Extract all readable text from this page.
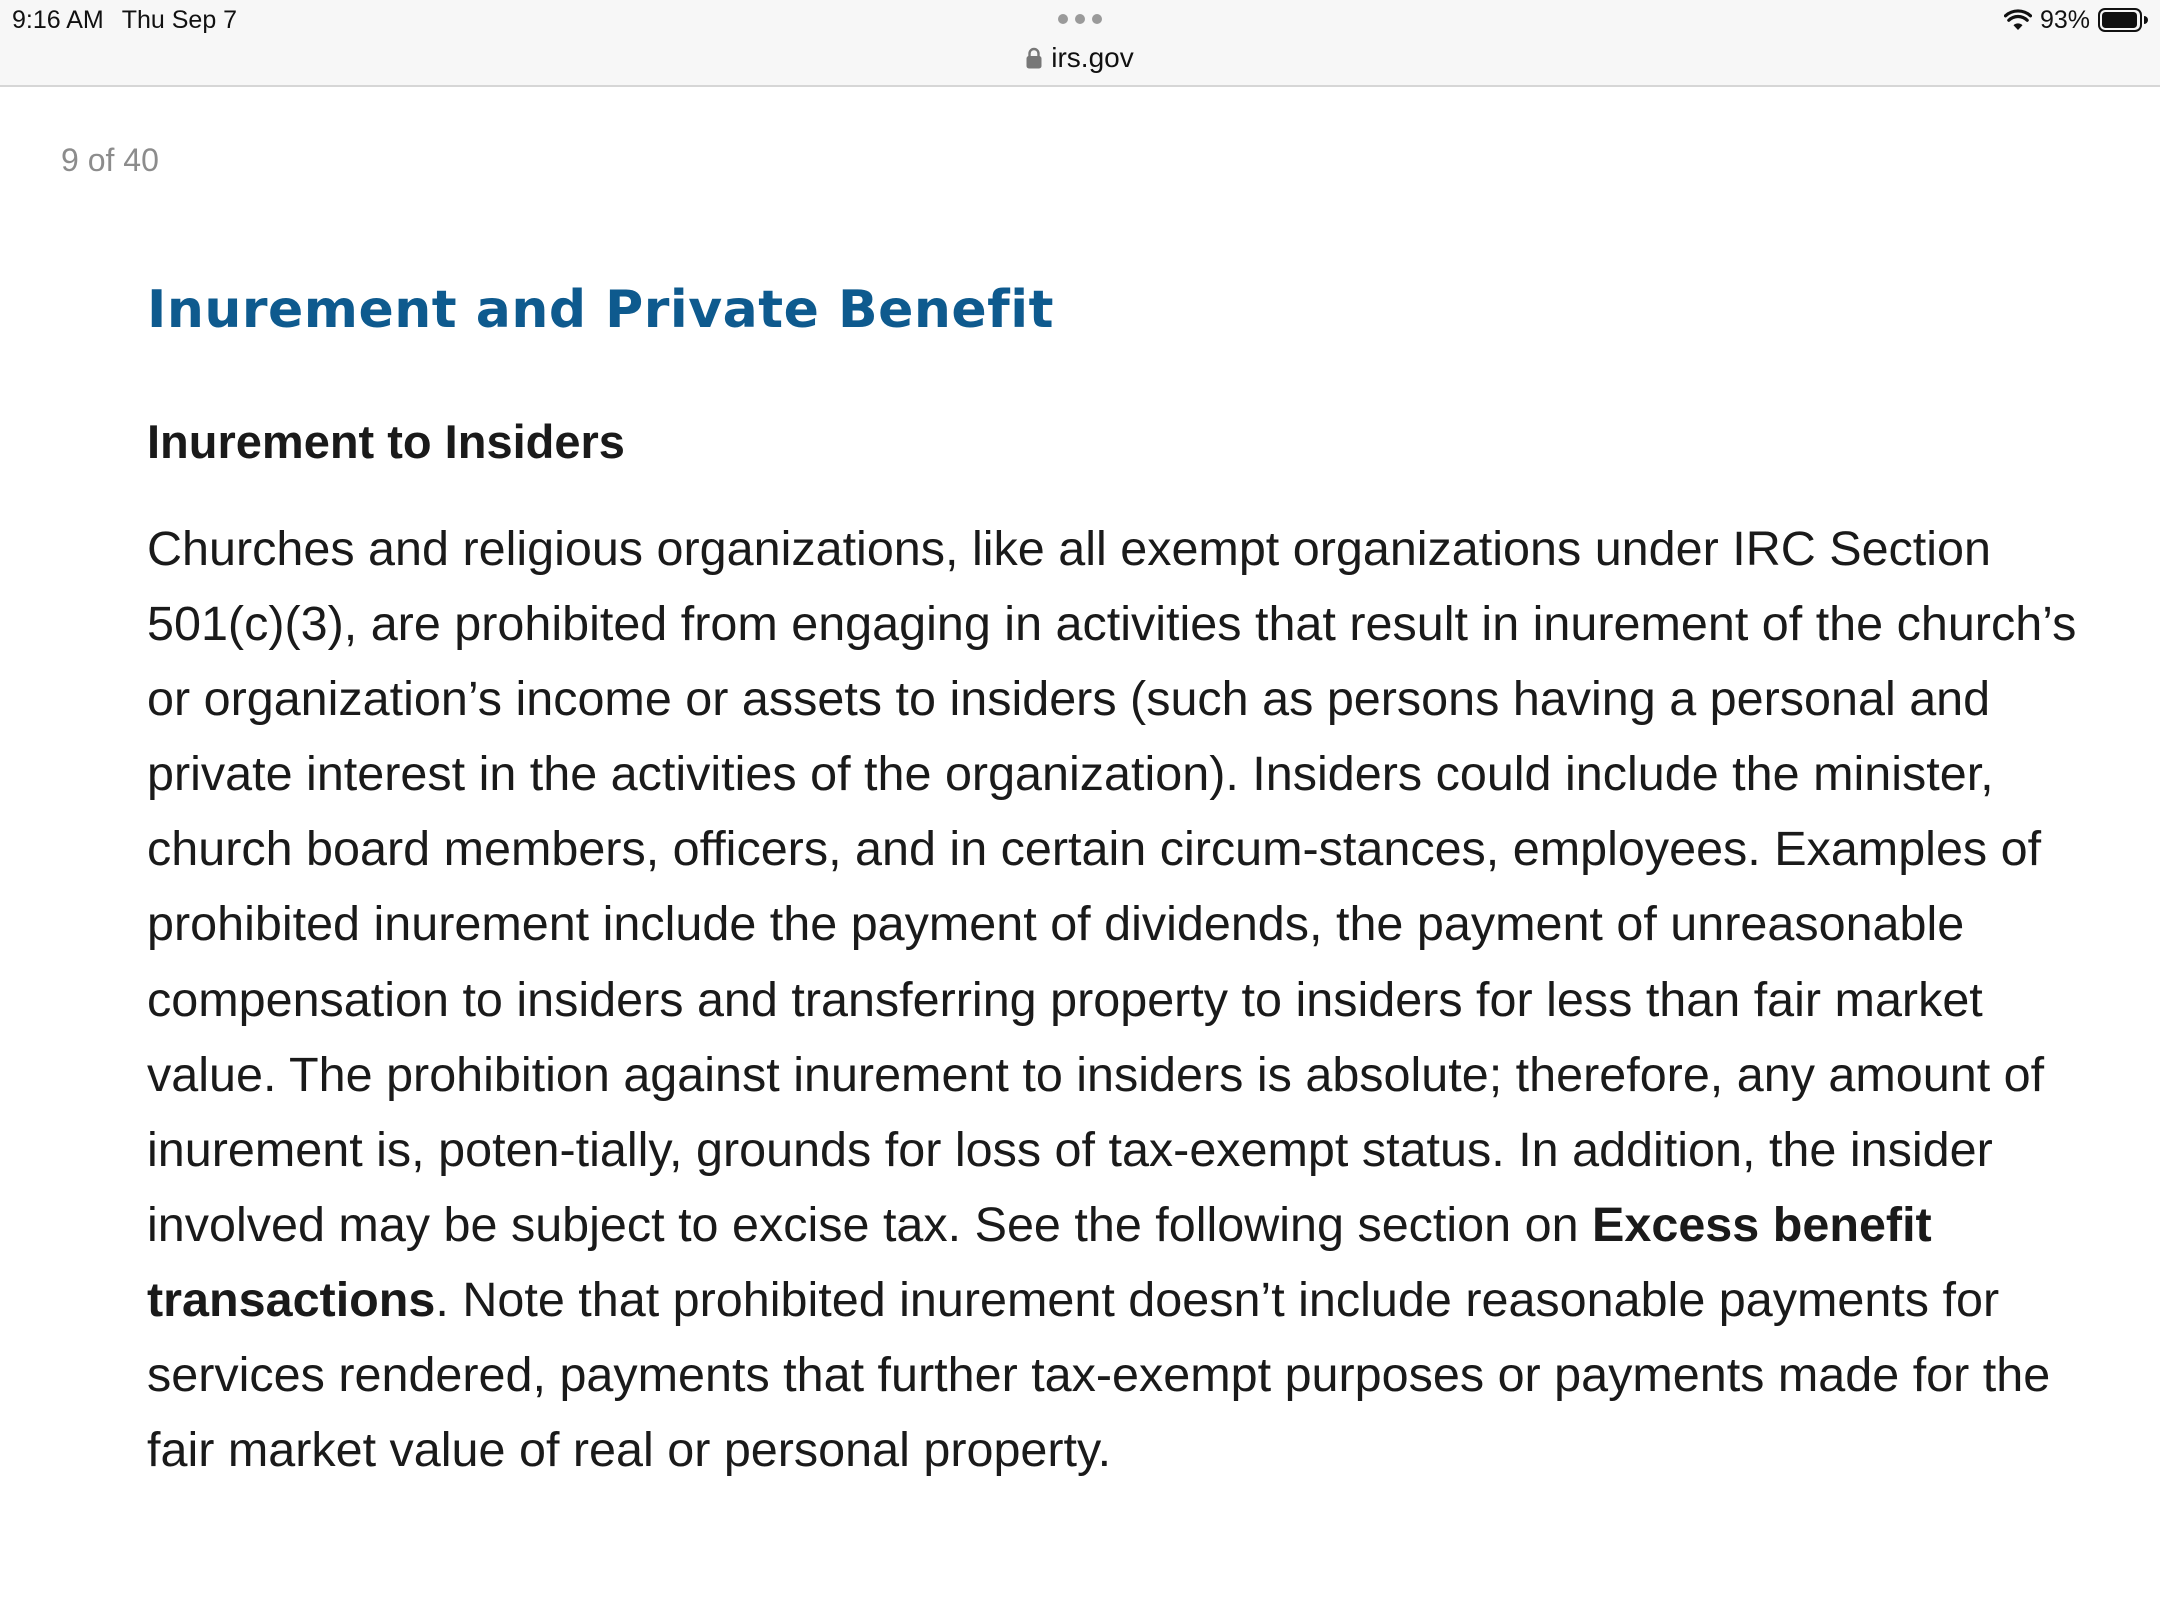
9:16 AM Thu Sep 7	93%
irs.gov
9 of 40
Inurement and Private Benefit
Inurement to Insiders

Churches and religious organizations, like all exempt organizations under IRC Section 501(c)(3), are prohibited from engaging in activities that result in inurement of the church’s or organization’s income or assets to insiders (such as persons having a personal and private interest in the activities of the organization). Insiders could include the minister, church board members, officers, and in certain circum-stances, employees. Examples of prohibited inurement include the payment of dividends, the payment of unreasonable compensation to insiders and transferring property to insiders for less than fair market value. The prohibition against inurement to insiders is absolute; therefore, any amount of inurement is, poten-tially, grounds for loss of tax-exempt status. In addition, the insider involved may be subject to excise tax. See the following section on Excess benefit transactions. Note that prohibited inurement doesn’t include reasonable payments for services rendered, payments that further tax-exempt purposes or payments made for the fair market value of real or personal property.
